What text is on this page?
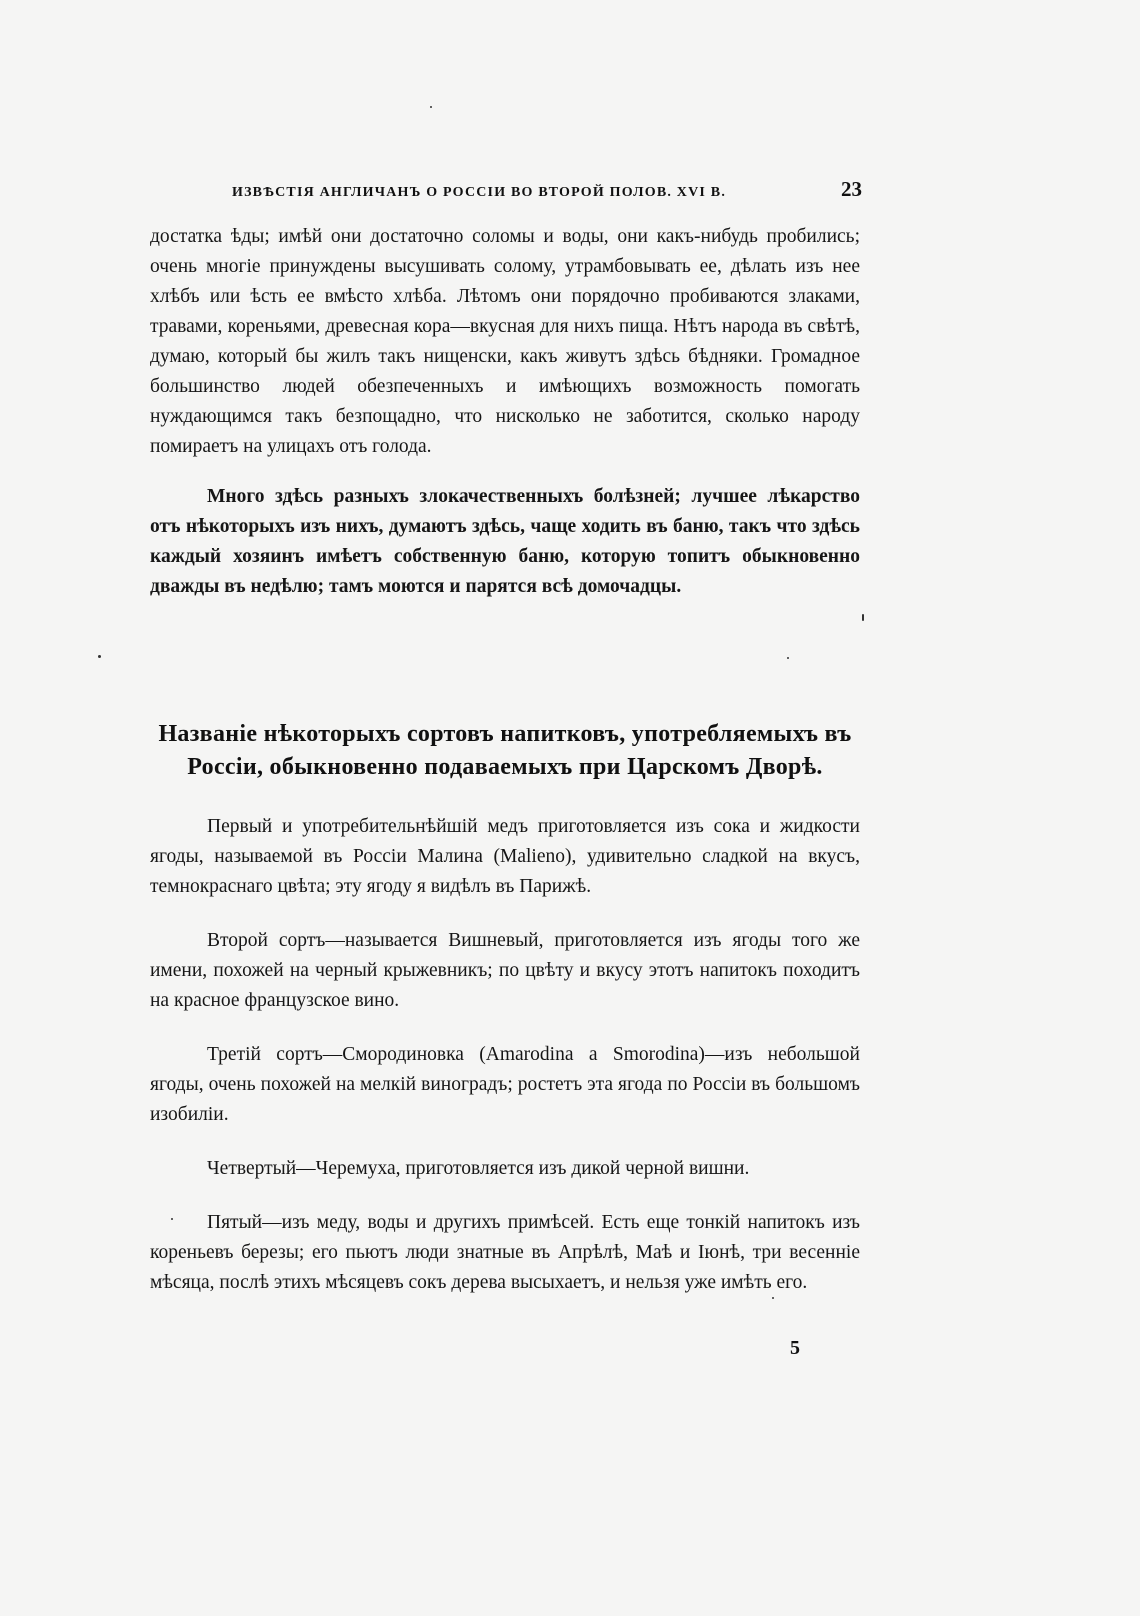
ИЗВѢСТІЯ АНГЛИЧАНЪ О РОССІИ ВО ВТОРОЙ ПОЛОВ. XVI В.	23

достатка ѣды; имѣй они достаточно соломы и воды, они какъ-нибудь пробились; очень многіе принуждены высушивать солому, утрамбовывать ее, дѣлать изъ нее хлѣбъ или ѣсть ее вмѣсто хлѣба. Лѣтомъ они порядочно пробиваются злаками, травами, кореньями, древесная кора—вкусная для нихъ пища. Нѣтъ народа въ свѣтѣ, думаю, который бы жилъ такъ нищенски, какъ живутъ здѣсь бѣдняки. Громадное большинство людей обезпеченныхъ и имѣющихъ возможность помогать нуждающимся такъ безпощадно, что нисколько не заботится, сколько народу помираетъ на улицахъ отъ голода.

Много здѣсь разныхъ злокачественныхъ болѣзней; лучшее лѣкарство отъ нѣкоторыхъ изъ нихъ, думаютъ здѣсь, чаще ходить въ баню, такъ что здѣсь каждый хозяинъ имѣетъ собственную баню, которую топитъ обыкновенно дважды въ недѣлю; тамъ моются и парятся всѣ домочадцы.

Названіе нѣкоторыхъ сортовъ напитковъ, употребляемыхъ въ Россіи, обыкновенно подаваемыхъ при Царскомъ Дворѣ.

Первый и употребительнѣйшій медъ приготовляется изъ сока и жидкости ягоды, называемой въ Россіи Малина (Malieno), удивительно сладкой на вкусъ, темнокраснаго цвѣта; эту ягоду я видѣлъ въ Парижѣ.

Второй сортъ—называется Вишневый, приготовляется изъ ягоды того же имени, похожей на черный крыжевникъ; по цвѣту и вкусу этотъ напитокъ походитъ на красное французское вино.

Третій сортъ—Смородиновка (Amarodina a Smorodina)—изъ небольшой ягоды, очень похожей на мелкій виноградъ; ростетъ эта ягода по Россіи въ большомъ изобиліи.

Четвертый—Черемуха, приготовляется изъ дикой черной вишни.

Пятый—изъ меду, воды и другихъ примѣсей. Есть еще тонкій напитокъ изъ кореньевъ березы; его пьютъ люди знатные въ Апрѣлѣ, Маѣ и Іюнѣ, три весенніе мѣсяца, послѣ этихъ мѣсяцевъ сокъ дерева высыхаетъ, и нельзя уже имѣть его.

5
